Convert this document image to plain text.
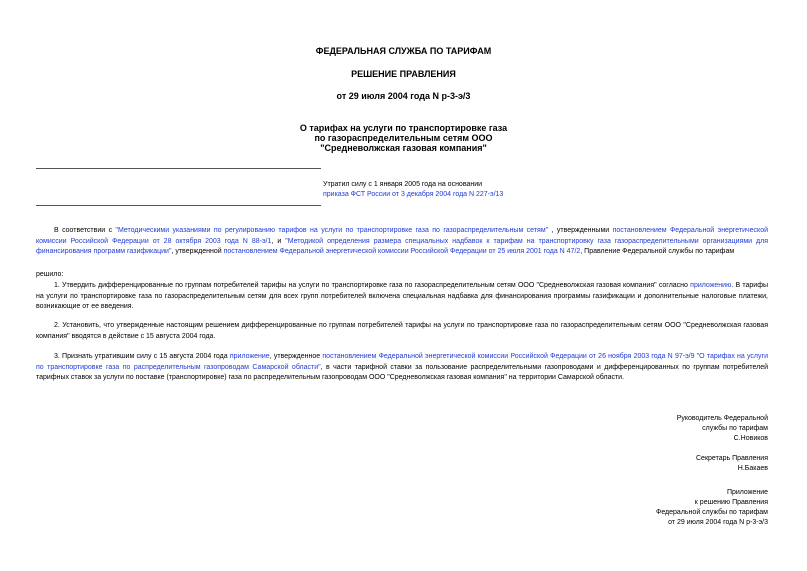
ФЕДЕРАЛЬНАЯ СЛУЖБА ПО ТАРИФАМ
РЕШЕНИЕ ПРАВЛЕНИЯ
от 29 июля 2004 года N р-3-э/3
О тарифах на услуги по транспортировке газа
по газораспределительным сетям ООО
"Средневолжская газовая компания"
Утратил силу с 1 января 2005 года на основании
приказа ФСТ России от 3 декабря 2004 года N 227-э/13
В соответствии с "Методическими указаниями по регулированию тарифов на услуги по транспортировке газа по газораспределительным сетям" , утвержденными постановлением Федеральной энергетической комиссии Российской Федерации от 28 октября 2003 года N 88-э/1, и "Методикой определения размера специальных надбавок к тарифам на транспортировку газа газораспределительными организациями для финансирования программ газификации", утвержденной постановлением Федеральной энергетической комиссии Российской Федерации от 25 июля 2001 года N 47/2, Правление Федеральной службы по тарифам
решило:
1. Утвердить дифференцированные по группам потребителей тарифы на услуги по транспортировке газа по газораспределительным сетям ООО "Средневолжская газовая компания" согласно приложению. В тарифы на услуги по транспортировке газа по газораспределительным сетям для всех групп потребителей включена специальная надбавка для финансирования программы газификации и дополнительные налоговые платежи, возникающие от ее введения.
2. Установить, что утвержденные настоящим решением дифференцированные по группам потребителей тарифы на услуги по транспортировке газа по газораспределительным сетям ООО "Средневолжская газовая компания" вводятся в действие с 15 августа 2004 года.
3. Признать утратившим силу с 15 августа 2004 года приложение, утвержденное постановлением Федеральной энергетической комиссии Российской Федерации от 26 ноября 2003 года N 97-э/9 "О тарифах на услуги по транспортировке газа по распределительным газопроводам Самарской области", в части тарифной ставки за пользование распределительными газопроводами и дифференцированных по группам потребителей тарифных ставок за услуги по поставке (транспортировке) газа по распределительным газопроводам ООО "Средневолжская газовая компания" на территории Самарской области.
Руководитель Федеральной
службы по тарифам
С.Новиков
Секретарь Правления
Н.Бакаев
Приложение
к решению Правления
Федеральной службы по тарифам
от 29 июля 2004 года N р-3-э/3
